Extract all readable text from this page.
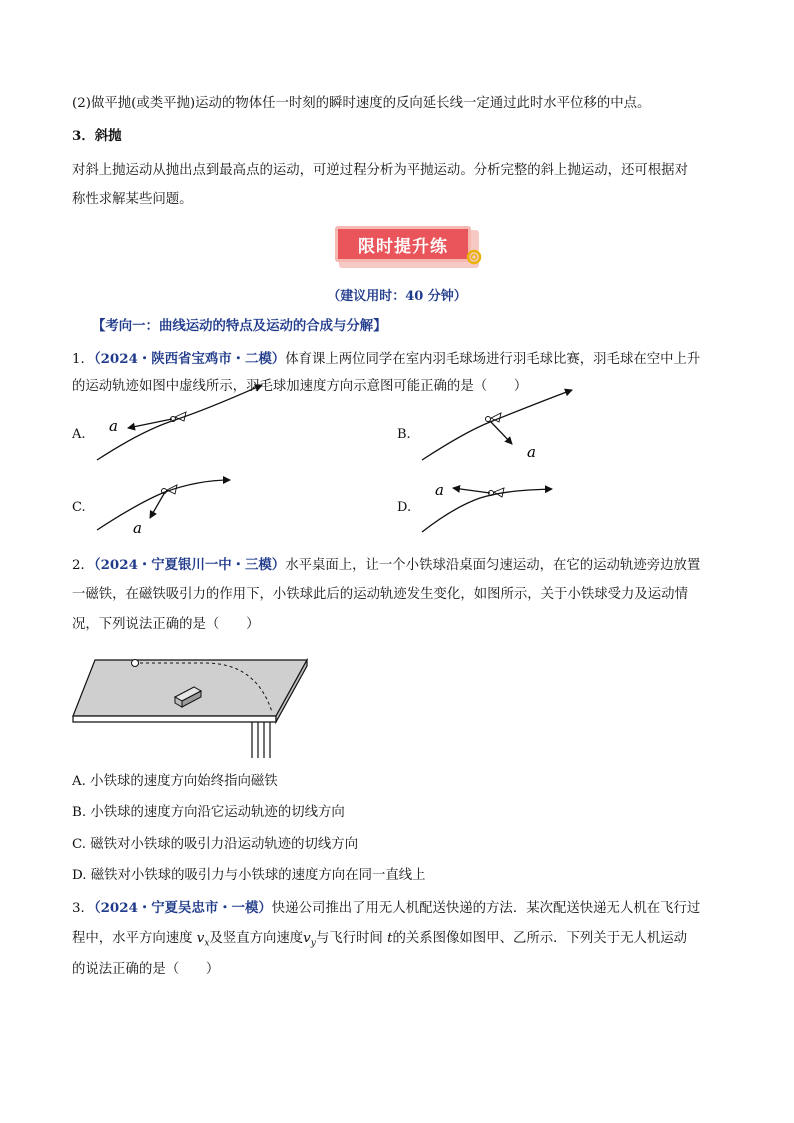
(2)做平抛(或类平抛)运动的物体任一时刻的瞬时速度的反向延长线一定通过此时水平位移的中点。
3．斜抛
对斜上抛运动从抛出点到最高点的运动，可逆过程分析为平抛运动。分析完整的斜上抛运动，还可根据对
称性求解某些问题。
限时提升练
（建议用时：40 分钟）
【考向一：曲线运动的特点及运动的合成与分解】
1．（2024・陕西省宝鸡市・二模）体育课上两位同学在室内羽毛球场进行羽毛球比赛，羽毛球在空中上升
的运动轨迹如图中虚线所示，羽毛球加速度方向示意图可能正确的是（　　）
A.	B.
C.	D.
a
a
a
a
2．（2024・宁夏银川一中・三模）水平桌面上，让一个小铁球沿桌面匀速运动，在它的运动轨迹旁边放置
一磁铁，在磁铁吸引力的作用下，小铁球此后的运动轨迹发生变化，如图所示，关于小铁球受力及运动情
况，下列说法正确的是（　　）
A. 小铁球的速度方向始终指向磁铁
B. 小铁球的速度方向沿它运动轨迹的切线方向
C. 磁铁对小铁球的吸引力沿运动轨迹的切线方向
D. 磁铁对小铁球的吸引力与小铁球的速度方向在同一直线上
3．（2024・宁夏吴忠市・一模）快递公司推出了用无人机配送快递的方法．某次配送快递无人机在飞行过
程中，水平方向速度 $v_x$及竖直方向速度$v_y$与飞行时间 t的关系图像如图甲、乙所示．下列关于无人机运动
的说法正确的是（　　）
